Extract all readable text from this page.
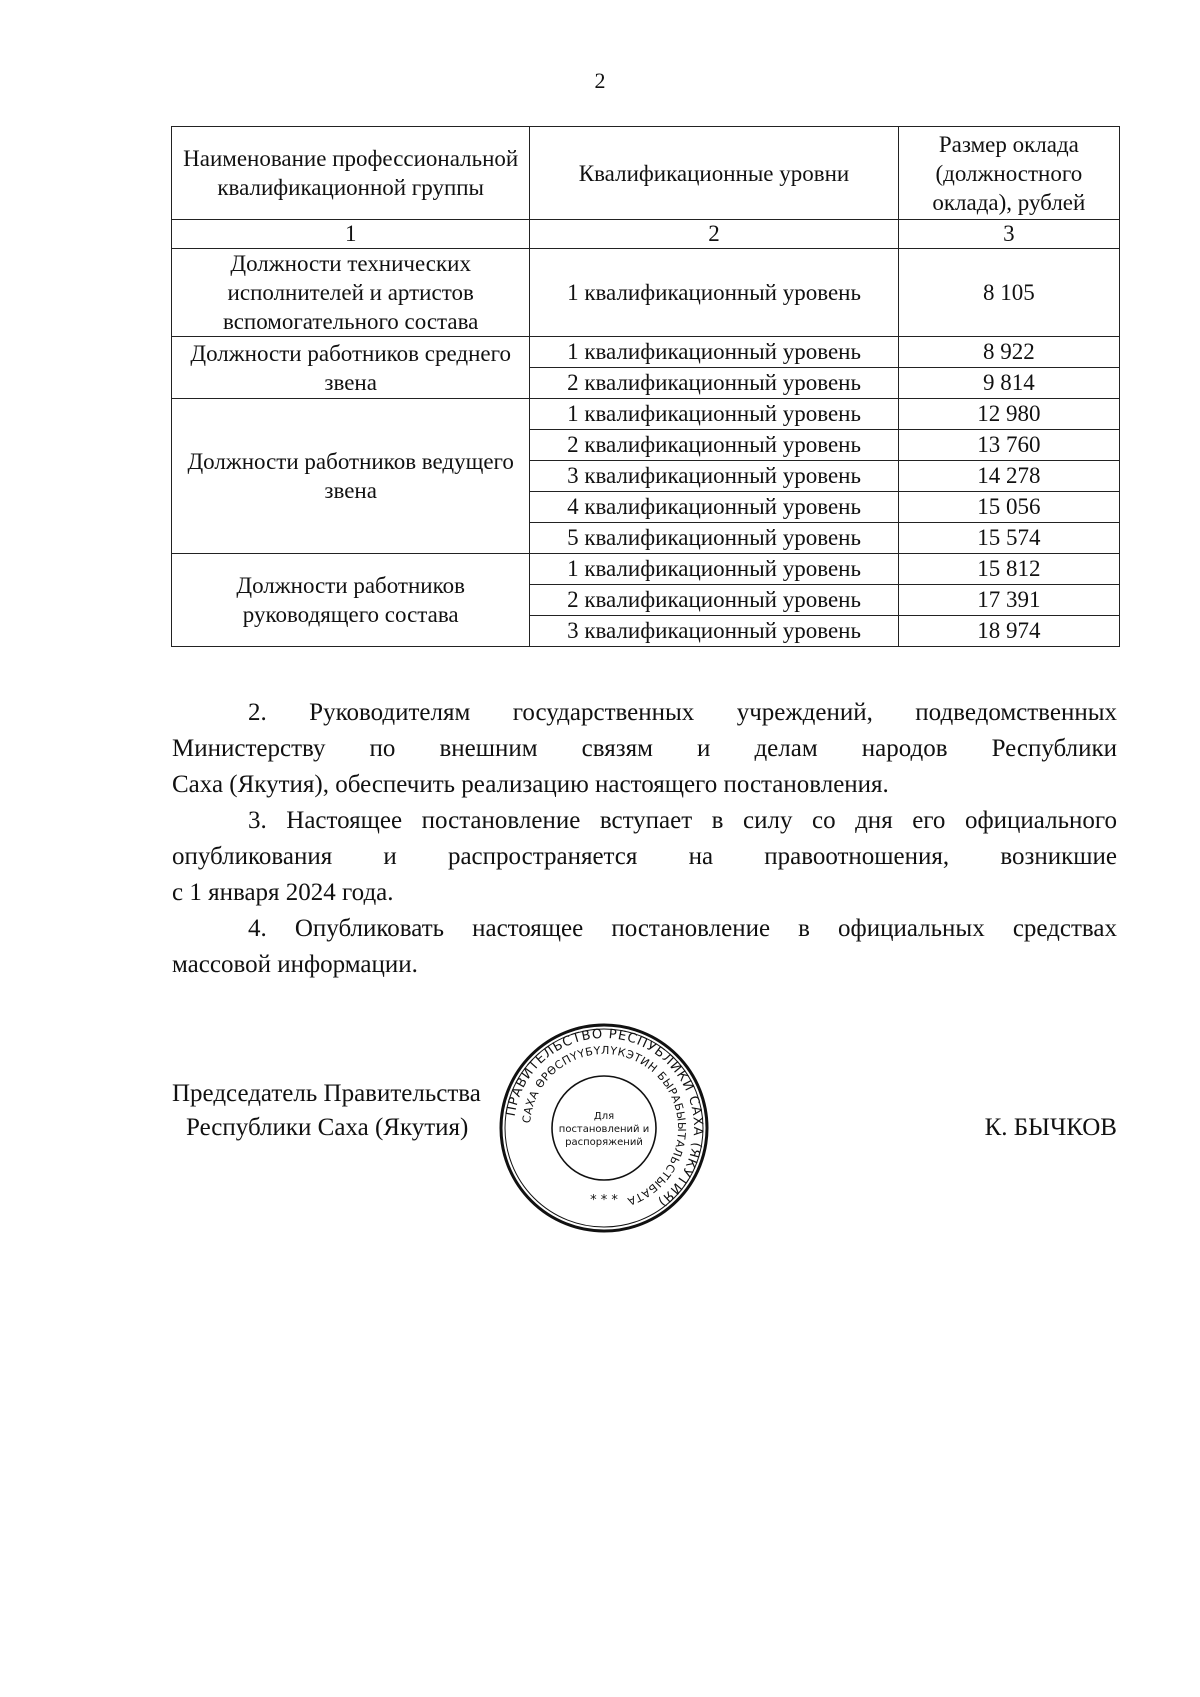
2
Наименование профессиональной квалификационной группы	Квалификационные уровни	Размер оклада (должностного оклада), рублей
1	2	3
Должности технических исполнителей и артистов вспомогательного состава	1 квалификационный уровень	8 105
Должности работников среднего звена	1 квалификационный уровень	8 922
	2 квалификационный уровень	9 814
Должности работников ведущего звена	1 квалификационный уровень	12 980
	2 квалификационный уровень	13 760
	3 квалификационный уровень	14 278
	4 квалификационный уровень	15 056
	5 квалификационный уровень	15 574
Должности работников руководящего состава	1 квалификационный уровень	15 812
	2 квалификационный уровень	17 391
	3 квалификационный уровень	18 974

2. Руководителям государственных учреждений, подведомственных Министерству по внешним связям и делам народов Республики

Саха (Якутия), обеспечить реализацию настоящего постановления.

3. Настоящее постановление вступает в силу со дня его официального опубликования и распространяется на правоотношения, возникшие

с 1 января 2024 года.

4. Опубликовать настоящее постановление в официальных средствах

массовой информации.

Председатель Правительства
Республики Саха (Якутия)	К. БЫЧКОВ
ПРАВИТЕЛЬСТВО РЕСПУБЛИКИ САХА (ЯКУТИЯ)
САХА ӨРӨСПҮҮБҮЛҮКЭТИН БЫРАБЫЫТАЛЬСТЫБАТА
Для
постановлений и
распоряжений
* * *
